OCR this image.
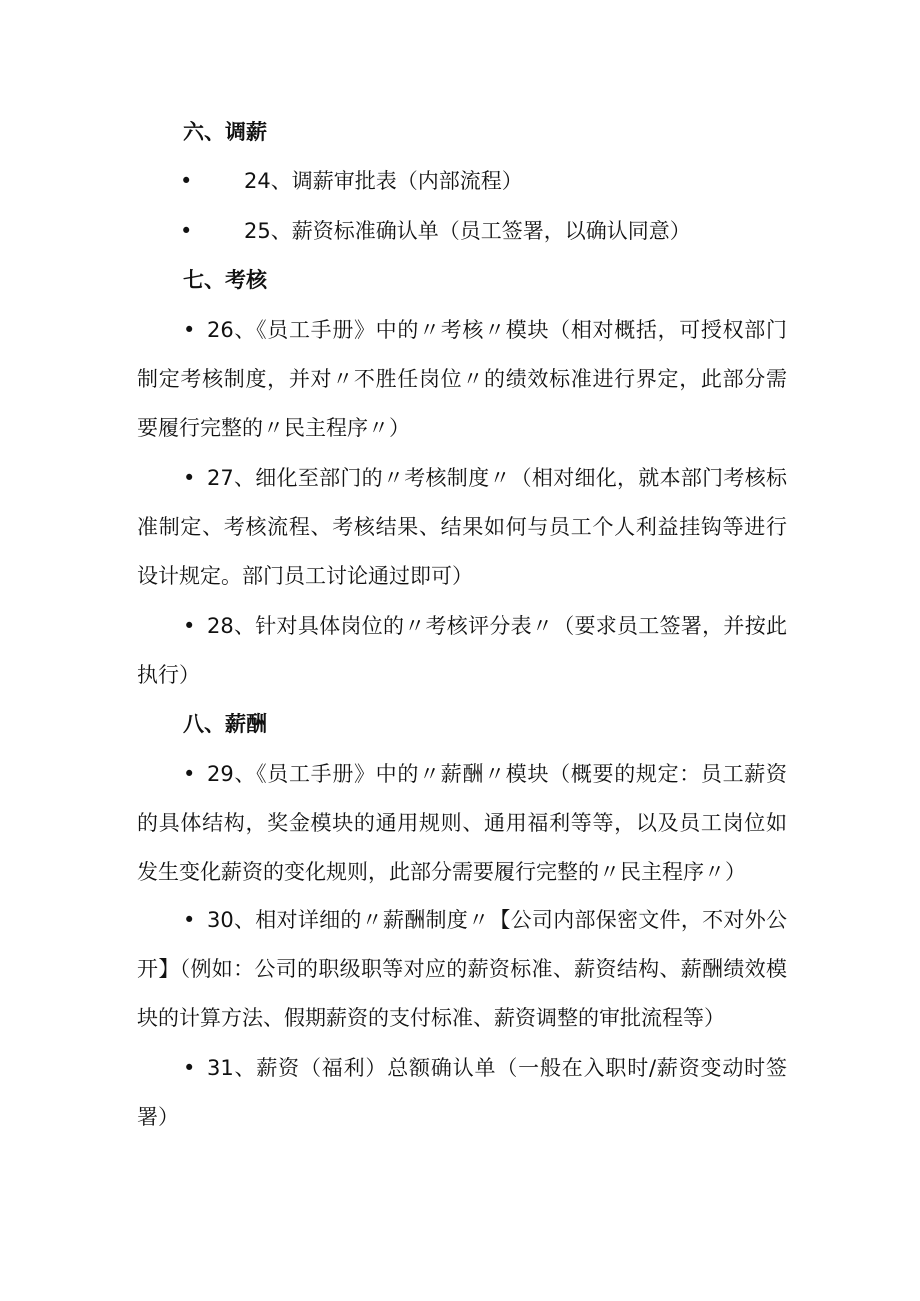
六、调薪
• 24、调薪审批表（内部流程）
• 25、薪资标准确认单（员工签署，以确认同意）
七、考核
• 26、《员工手册》中的〃考核〃模块（相对概括，可授权部门制定考核制度，并对〃不胜任岗位〃的绩效标准进行界定，此部分需要履行完整的〃民主程序〃）
• 27、细化至部门的〃考核制度〃（相对细化，就本部门考核标准制定、考核流程、考核结果、结果如何与员工个人利益挂钩等进行设计规定。部门员工讨论通过即可）
• 28、针对具体岗位的〃考核评分表〃（要求员工签署，并按此执行）
八、薪酬
• 29、《员工手册》中的〃薪酬〃模块（概要的规定：员工薪资的具体结构，奖金模块的通用规则、通用福利等等，以及员工岗位如发生变化薪资的变化规则，此部分需要履行完整的〃民主程序〃）
• 30、相对详细的〃薪酬制度〃【公司内部保密文件，不对外公开】（例如：公司的职级职等对应的薪资标准、薪资结构、薪酬绩效模块的计算方法、假期薪资的支付标准、薪资调整的审批流程等）
• 31、薪资（福利）总额确认单（一般在入职时/薪资变动时签署）
